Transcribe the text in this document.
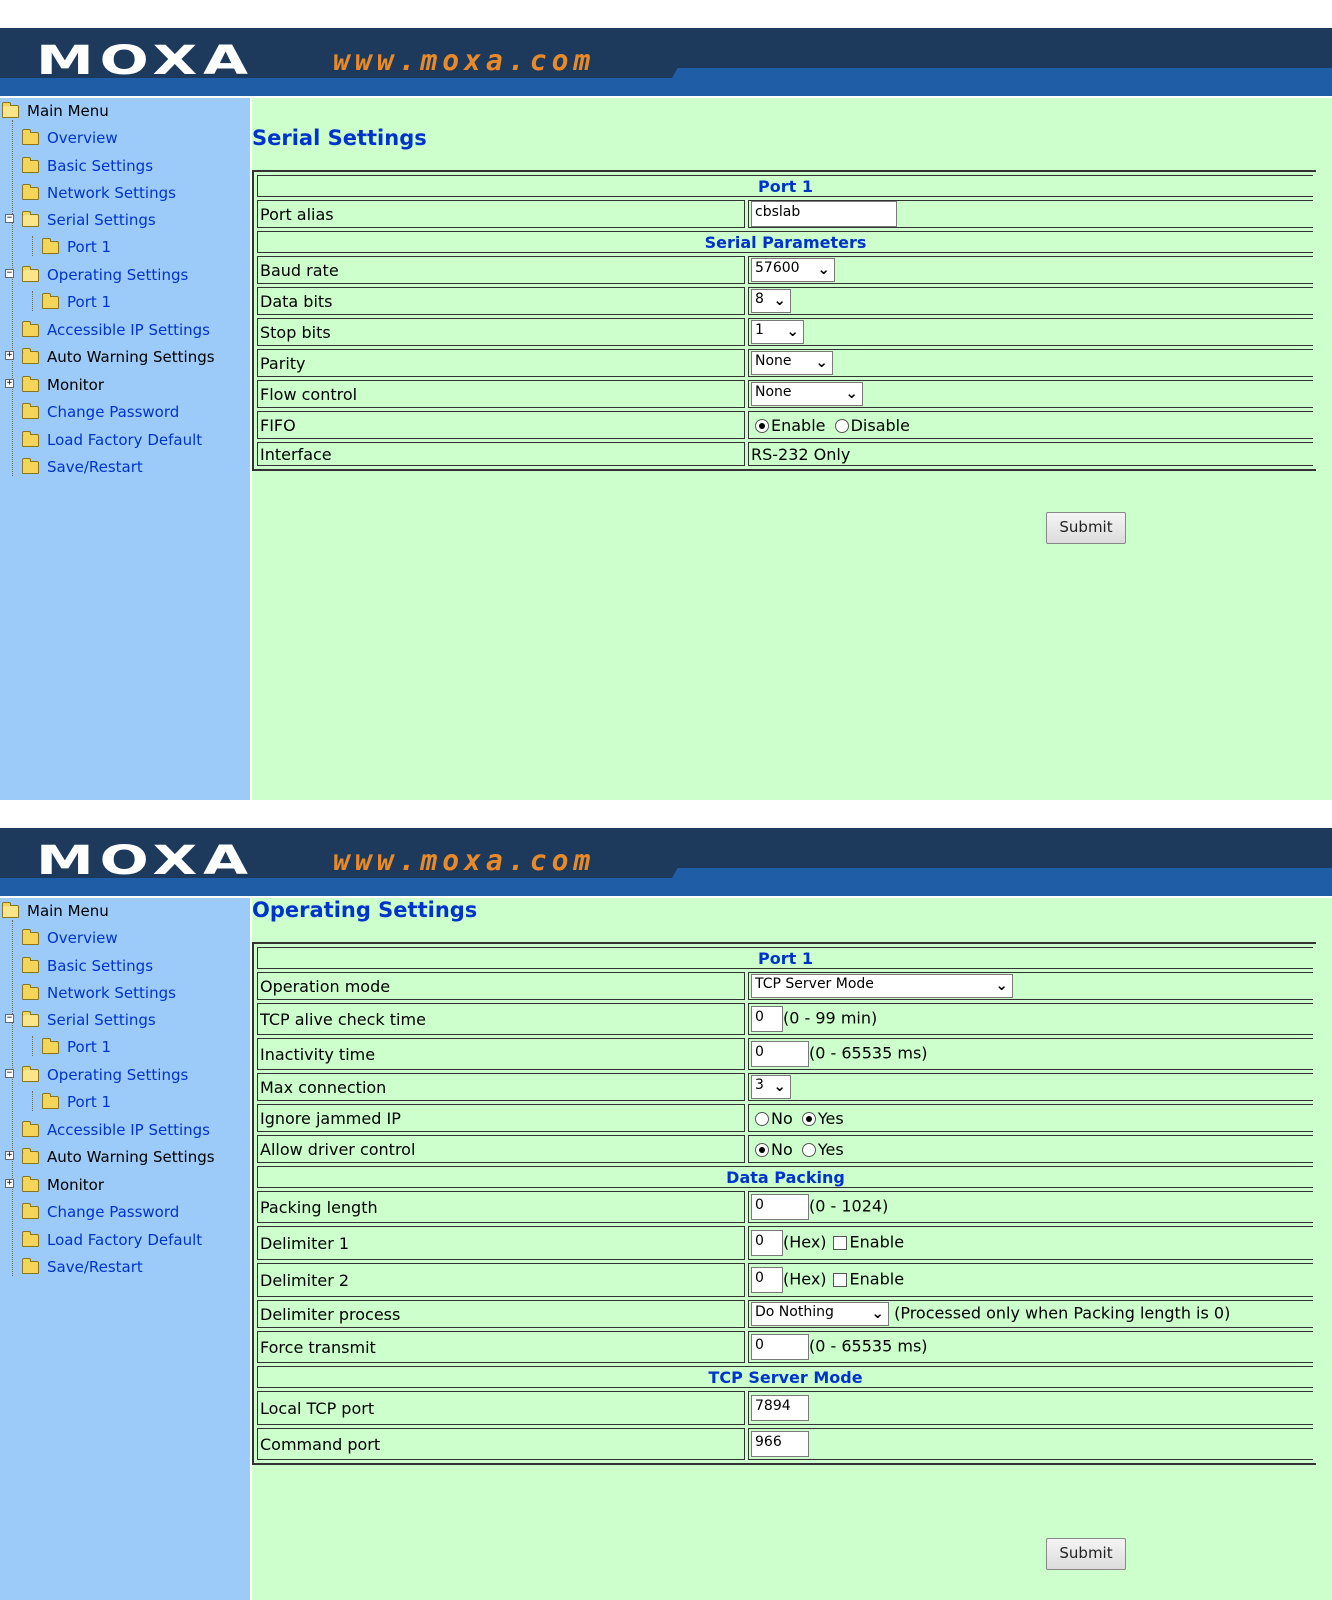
MOXA	www.moxa.com
Main Menu
Overview
Basic Settings
Network Settings
− Serial Settings
Port 1
− Operating Settings
Port 1
Accessible IP Settings
+ Auto Warning Settings
+ Monitor
Change Password
Load Factory Default
Save/Restart
Serial Settings
Port 1	
Port alias	cbslab
Serial Parameters	
Baud rate	57600 ⌄

Data bits	8 ⌄

Stop bits	1 ⌄

Parity	None ⌄

Flow control	None ⌄

FIFO	Enable Disable
Interface	RS-232 Only
Submit
MOXA	www.moxa.com
Main Menu
Overview
Basic Settings
Network Settings
− Serial Settings
Port 1
− Operating Settings
Port 1
Accessible IP Settings
+ Auto Warning Settings
+ Monitor
Change Password
Load Factory Default
Save/Restart
Operating Settings
Port 1	
Operation mode	TCP Server Mode ⌄

TCP alive check time	0 (0 - 99 min)
Inactivity time	0 (0 - 65535 ms)
Max connection	3 ⌄

Ignore jammed IP	No Yes
Allow driver control	No Yes
Data Packing	
Packing length	0 (0 - 1024)
Delimiter 1	0 (Hex) Enable
Delimiter 2	0 (Hex) Enable
Delimiter process	Do Nothing ⌄ (Processed only when Packing length is 0)
Force transmit	0 (0 - 65535 ms)
TCP Server Mode	
Local TCP port	7894
Command port	966
Submit
